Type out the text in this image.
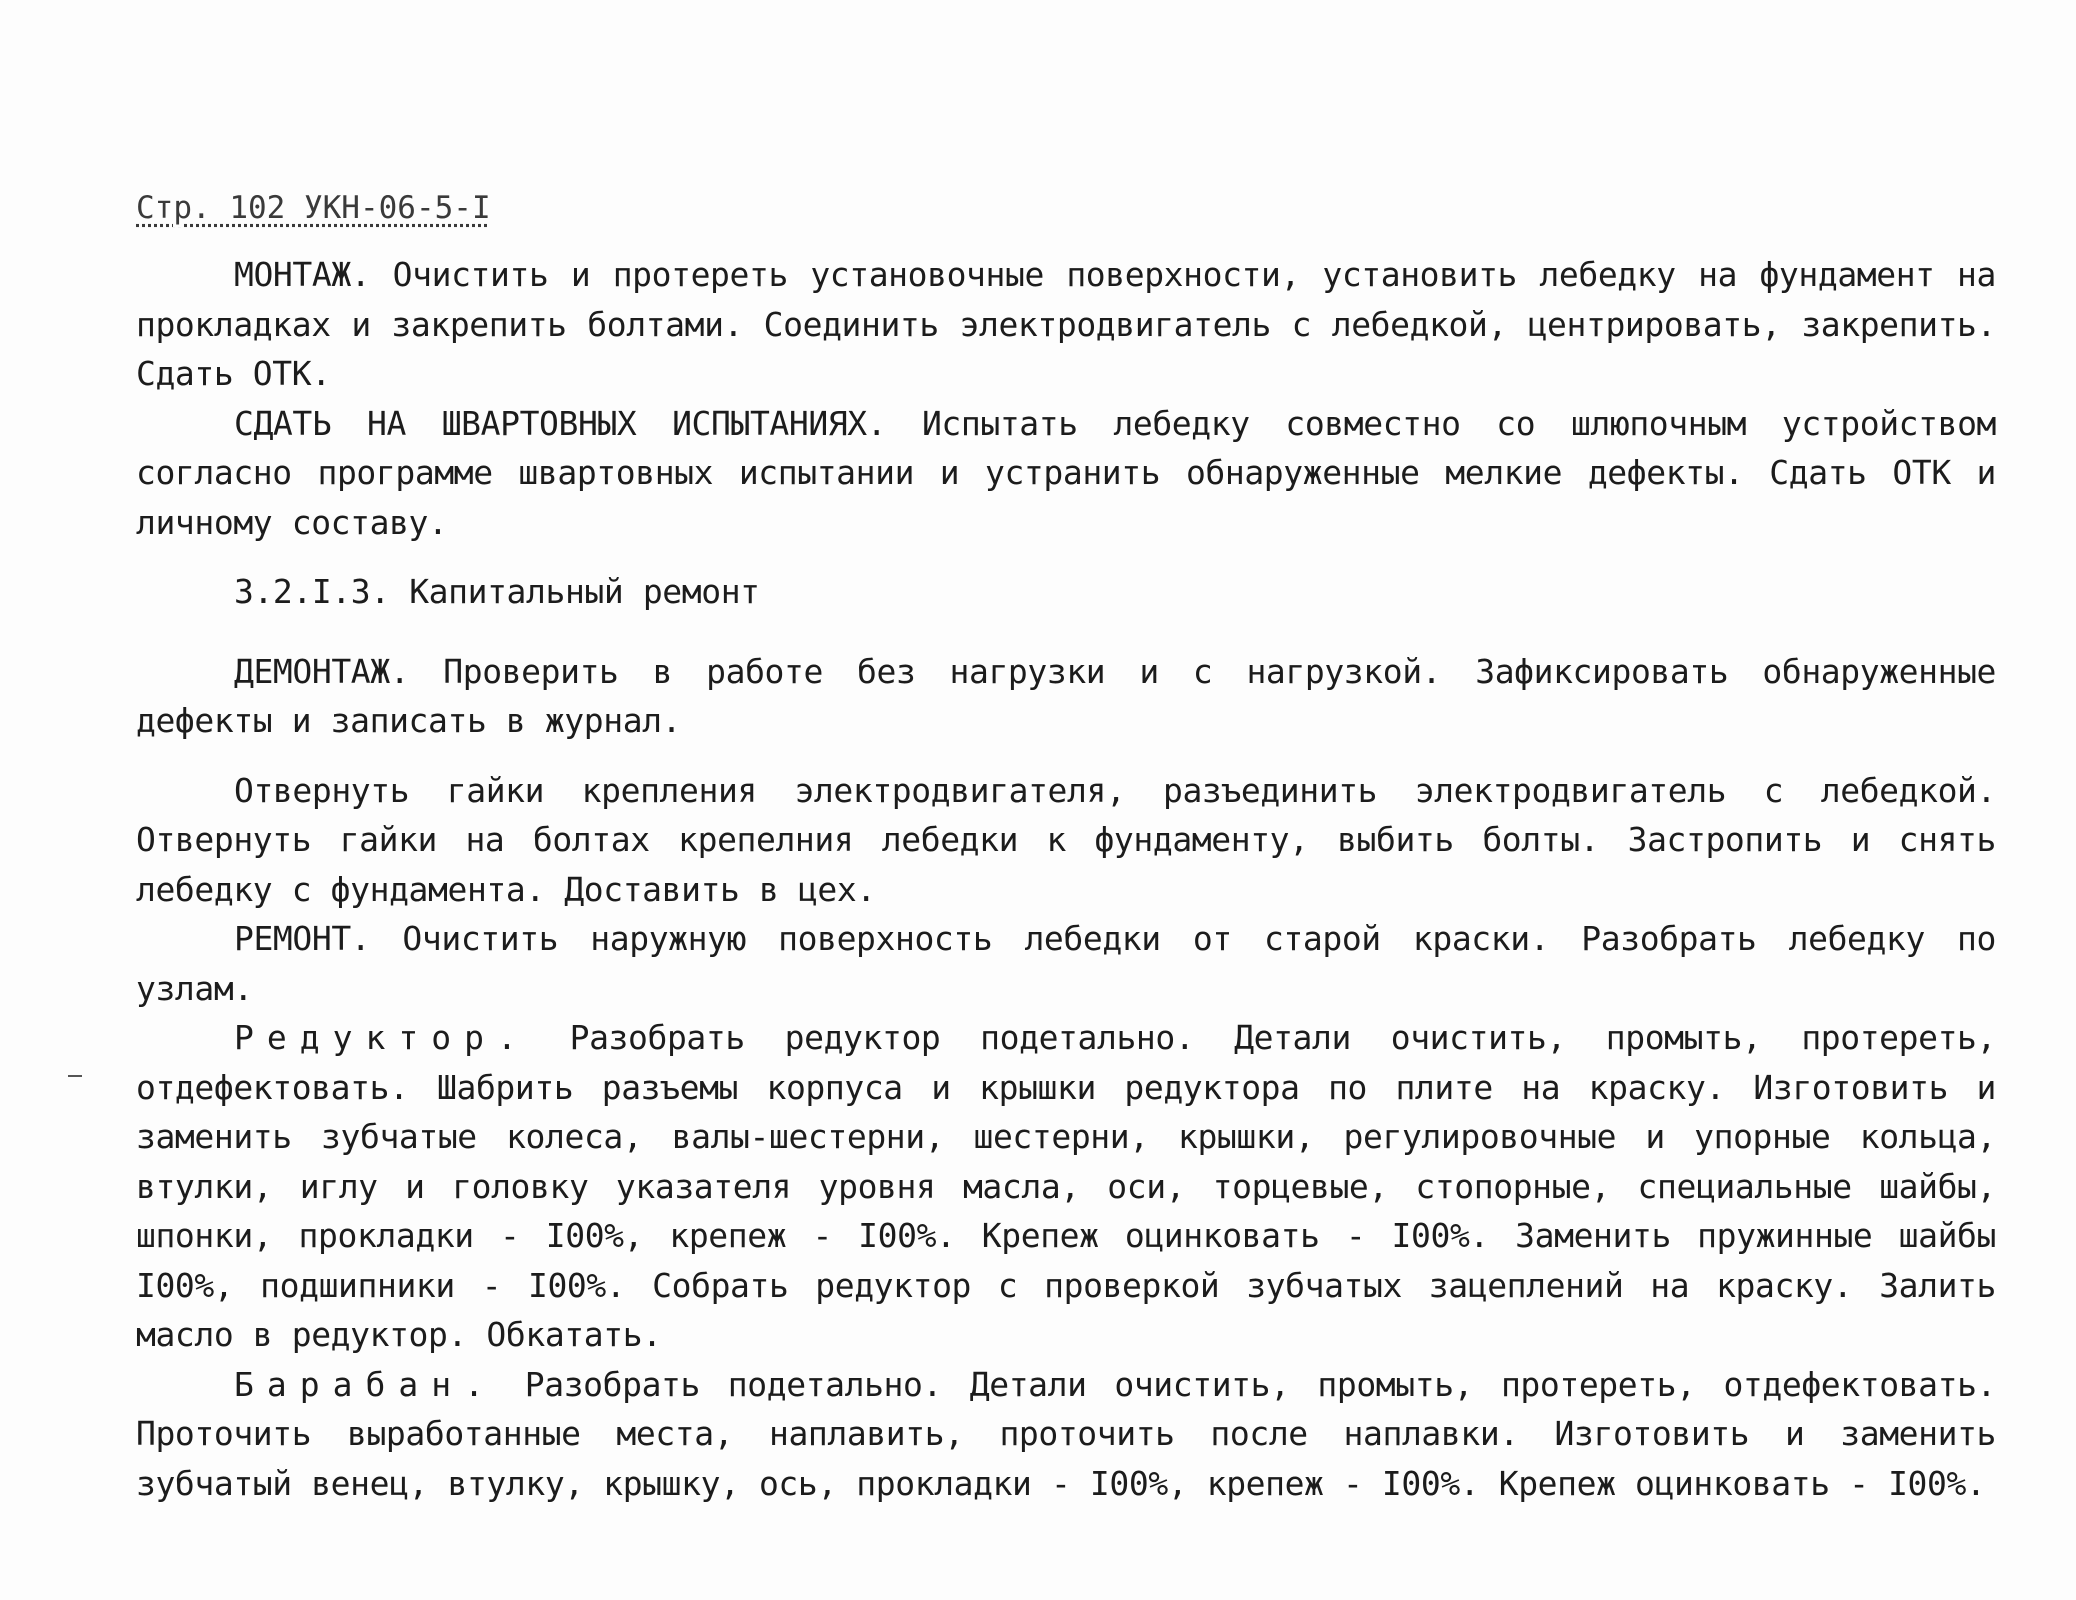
Стр. 102 УКН-06-5-I

МОНТАЖ. Очистить и протереть установочные поверхности, установить лебедку на фундамент на прокладках и закрепить болтами. Соединить электродвигатель с лебедкой, центрировать, закрепить. Сдать ОТК.

СДАТЬ НА ШВАРТОВНЫХ ИСПЫТАНИЯХ. Испытать лебедку совместно со шлюпочным устройством согласно программе швартовных испытании и устранить обнаруженные мелкие дефекты. Сдать ОТК и личному составу.

3.2.I.3. Капитальный ремонт

ДЕМОНТАЖ. Проверить в работе без нагрузки и с нагрузкой. Зафиксировать обнаруженные дефекты и записать в журнал.

Отвернуть гайки крепления электродвигателя, разъединить электродвигатель с лебедкой. Отвернуть гайки на болтах крепелния лебедки к фундаменту, выбить болты. Застропить и снять лебедку с фундамента. Доставить в цех.

РЕМОНТ. Очистить наружную поверхность лебедки от старой краски. Разобрать лебедку по узлам.

Редуктор. Разобрать редуктор подетально. Детали очистить, промыть, протереть, отдефектовать. Шабрить разъемы корпуса и крышки редуктора по плите на краску. Изготовить и заменить зубчатые колеса, валы-шестерни, шестерни, крышки, регулировочные и упорные кольца, втулки, иглу и головку указателя уровня масла, оси, торцевые, стопорные, специальные шайбы, шпонки, прокладки - I00%, крепеж - I00%. Крепеж оцинковать - I00%. Заменить пружинные шайбы I00%, подшипники - I00%. Собрать редуктор с проверкой зубчатых зацеплений на краску. Залить масло в редуктор. Обкатать.

Барабан. Разобрать подетально. Детали очистить, промыть, протереть, отдефектовать. Проточить выработанные места, наплавить, проточить после наплавки. Изготовить и заменить зубчатый венец, втулку, крышку, ось, прокладки - I00%, крепеж - I00%. Крепеж оцинковать - I00%.
